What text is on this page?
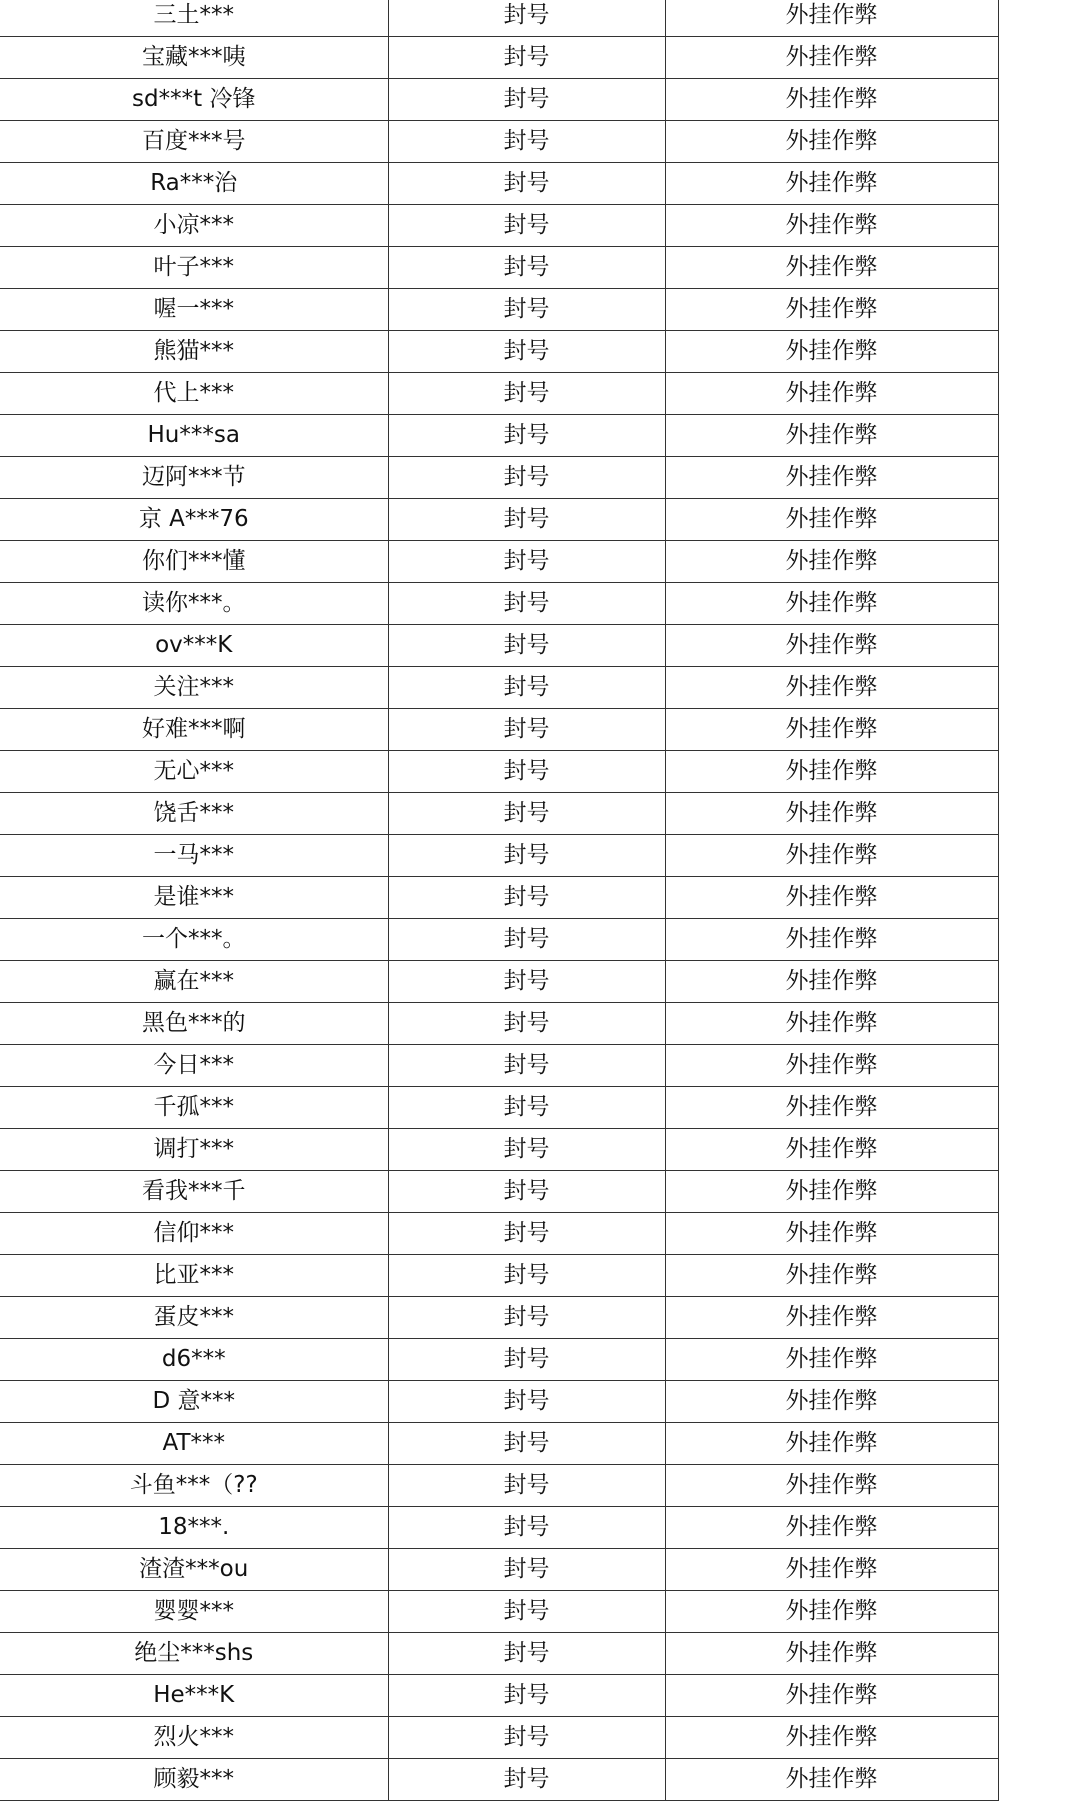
三土***	封号	外挂作弊
宝藏***咦	封号	外挂作弊
sd***t 冷锋	封号	外挂作弊
百度***号	封号	外挂作弊
Ra***治	封号	外挂作弊
小凉***	封号	外挂作弊
叶子***	封号	外挂作弊
喔一***	封号	外挂作弊
熊猫***	封号	外挂作弊
代上***	封号	外挂作弊
Hu***sa	封号	外挂作弊
迈阿***节	封号	外挂作弊
京 A***76	封号	外挂作弊
你们***懂	封号	外挂作弊
读你***。	封号	外挂作弊
ov***K	封号	外挂作弊
关注***	封号	外挂作弊
好难***啊	封号	外挂作弊
无心***	封号	外挂作弊
饶舌***	封号	外挂作弊
一马***	封号	外挂作弊
是谁***	封号	外挂作弊
一个***。	封号	外挂作弊
赢在***	封号	外挂作弊
黑色***的	封号	外挂作弊
今日***	封号	外挂作弊
千孤***	封号	外挂作弊
调打***	封号	外挂作弊
看我***千	封号	外挂作弊
信仰***	封号	外挂作弊
比亚***	封号	外挂作弊
蛋皮***	封号	外挂作弊
d6***	封号	外挂作弊
D 意***	封号	外挂作弊
AT***	封号	外挂作弊
斗鱼***（??	封号	外挂作弊
18***.	封号	外挂作弊
渣渣***ou	封号	外挂作弊
婴婴***	封号	外挂作弊
绝尘***shs	封号	外挂作弊
He***K	封号	外挂作弊
烈火***	封号	外挂作弊
顾毅***	封号	外挂作弊
